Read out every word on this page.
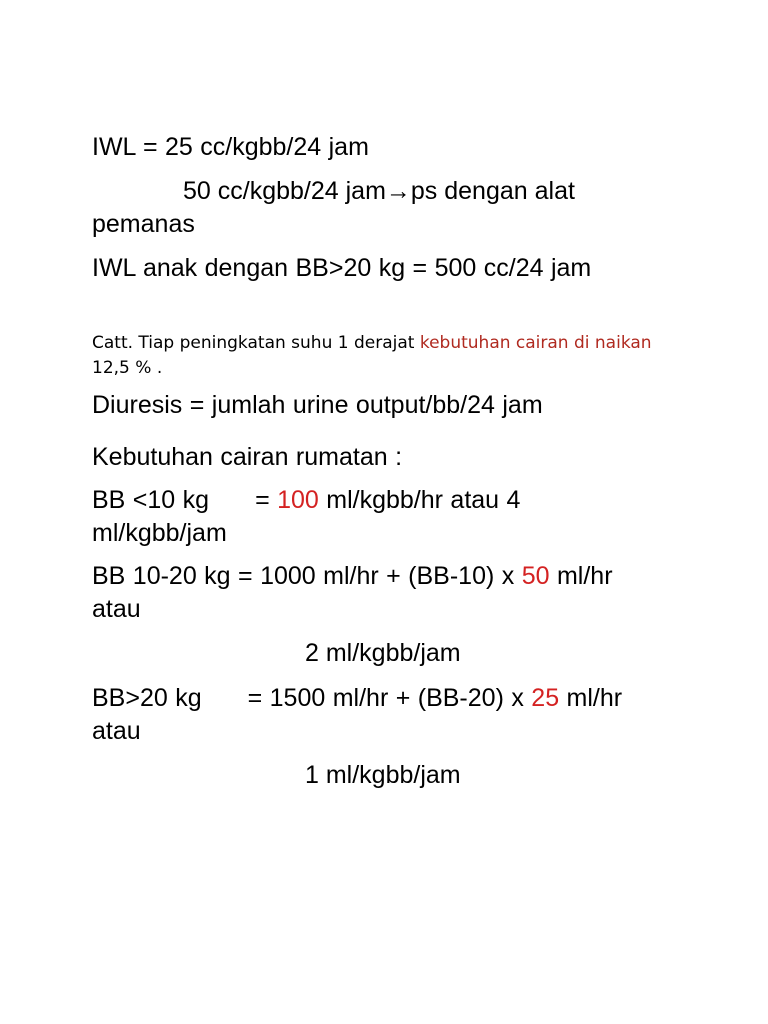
IWL = 25 cc/kgbb/24 jam
50 cc/kgbb/24 jam→ps dengan alat
pemanas
IWL anak dengan BB>20 kg = 500 cc/24 jam
Catt. Tiap peningkatan suhu 1 derajat kebutuhan cairan di naikan 12,5 % .
Diuresis = jumlah urine output/bb/24 jam
Kebutuhan cairan rumatan :
BB <10 kg = 100 ml/kgbb/hr atau 4 ml/kgbb/jam
BB 10-20 kg = 1000 ml/hr + (BB-10) x 50 ml/hr atau
2 ml/kgbb/jam
BB>20 kg = 1500 ml/hr + (BB-20) x 25 ml/hr atau
1 ml/kgbb/jam
